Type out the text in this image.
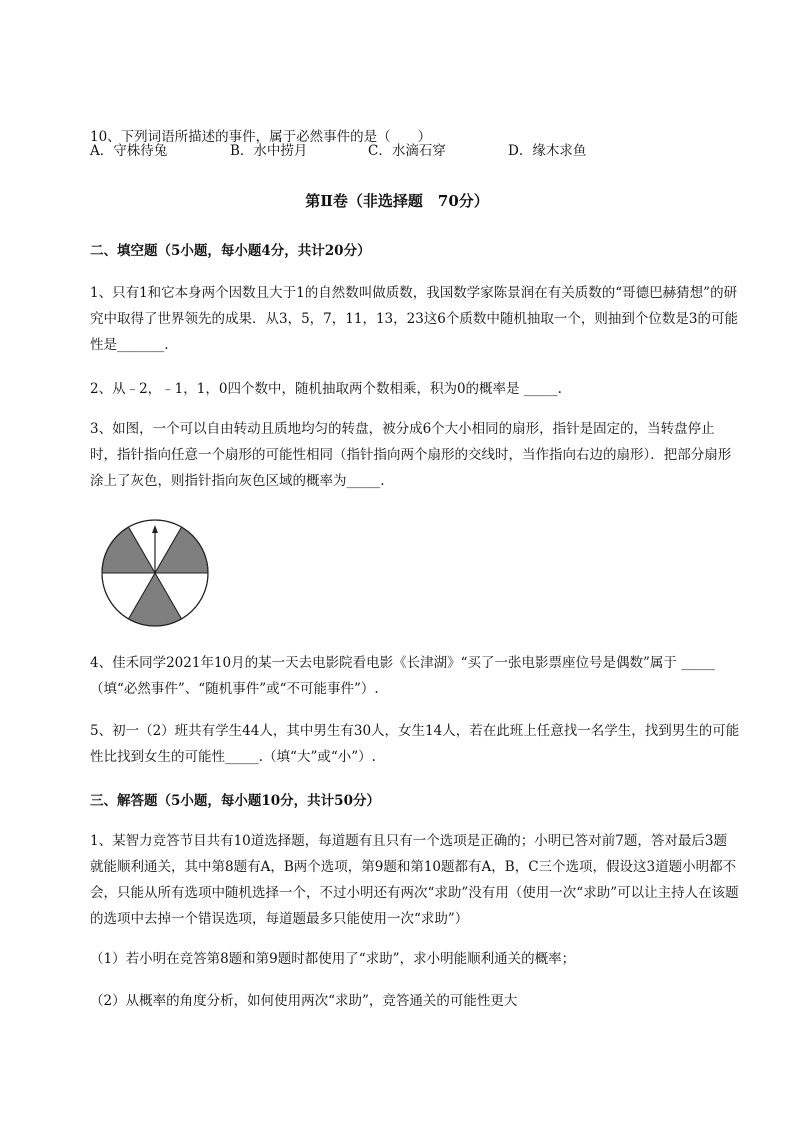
10、下列词语所描述的事件，属于必然事件的是（　　）
A．守株待兔	B．水中捞月	C．水滴石穿	D．缘木求鱼
第Ⅱ卷（非选择题　70分）
二、填空题（5小题，每小题4分，共计20分）
1、只有1和它本身两个因数且大于1的自然数叫做质数，我国数学家陈景润在有关质数的“哥德巴赫猜想”的研究中取得了世界领先的成果．从3，5，7，11，13，23这6个质数中随机抽取一个，则抽到个位数是3的可能性是_______.
2、从﹣2，﹣1，1，0四个数中，随机抽取两个数相乘，积为0的概率是 _____.
3、如图，一个可以自由转动且质地均匀的转盘，被分成6个大小相同的扇形，指针是固定的，当转盘停止时，指针指向任意一个扇形的可能性相同（指针指向两个扇形的交线时，当作指向右边的扇形）．把部分扇形涂上了灰色，则指针指向灰色区域的概率为_____.
4、佳禾同学2021年10月的某一天去电影院看电影《长津湖》“买了一张电影票座位号是偶数”属于 _____（填“必然事件”、“随机事件”或“不可能事件”）.
5、初一（2）班共有学生44人，其中男生有30人，女生14人，若在此班上任意找一名学生，找到男生的可能性比找到女生的可能性_____.（填“大”或“小”）.
三、解答题（5小题，每小题10分，共计50分）
1、某智力竞答节目共有10道选择题，每道题有且只有一个选项是正确的；小明已答对前7题，答对最后3题就能顺利通关，其中第8题有A，B两个选项，第9题和第10题都有A，B，C三个选项，假设这3道题小明都不会，只能从所有选项中随机选择一个，不过小明还有两次“求助”没有用（使用一次“求助”可以让主持人在该题的选项中去掉一个错误选项，每道题最多只能使用一次“求助”）
（1）若小明在竞答第8题和第9题时都使用了“求助”，求小明能顺利通关的概率；
（2）从概率的角度分析，如何使用两次“求助”，竞答通关的可能性更大
